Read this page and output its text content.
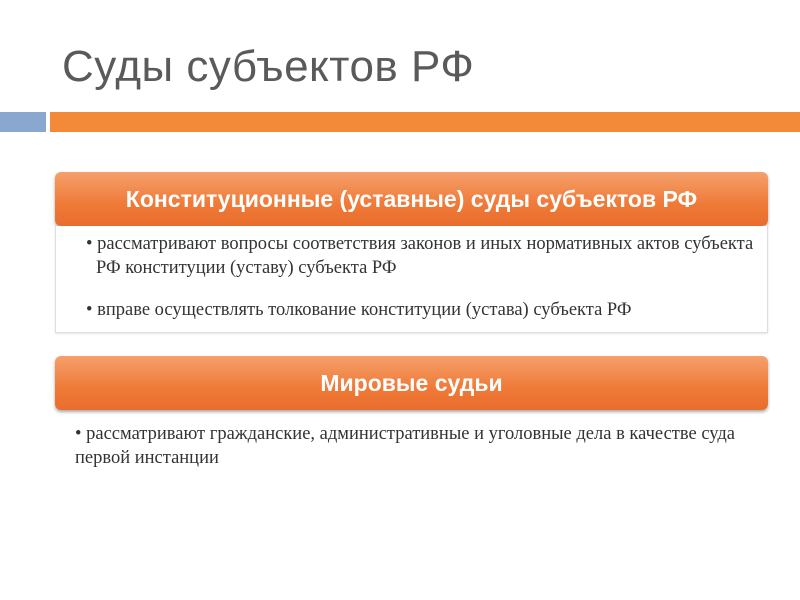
Суды субъектов РФ
Конституционные (уставные) суды субъектов РФ
• рассматривают вопросы соответствия законов и иных нормативных актов субъекта РФ конституции (уставу) субъекта РФ
• вправе осуществлять толкование конституции (устава) субъекта РФ
Мировые судьи
• рассматривают гражданские, административные и уголовные дела в качестве суда первой инстанции
